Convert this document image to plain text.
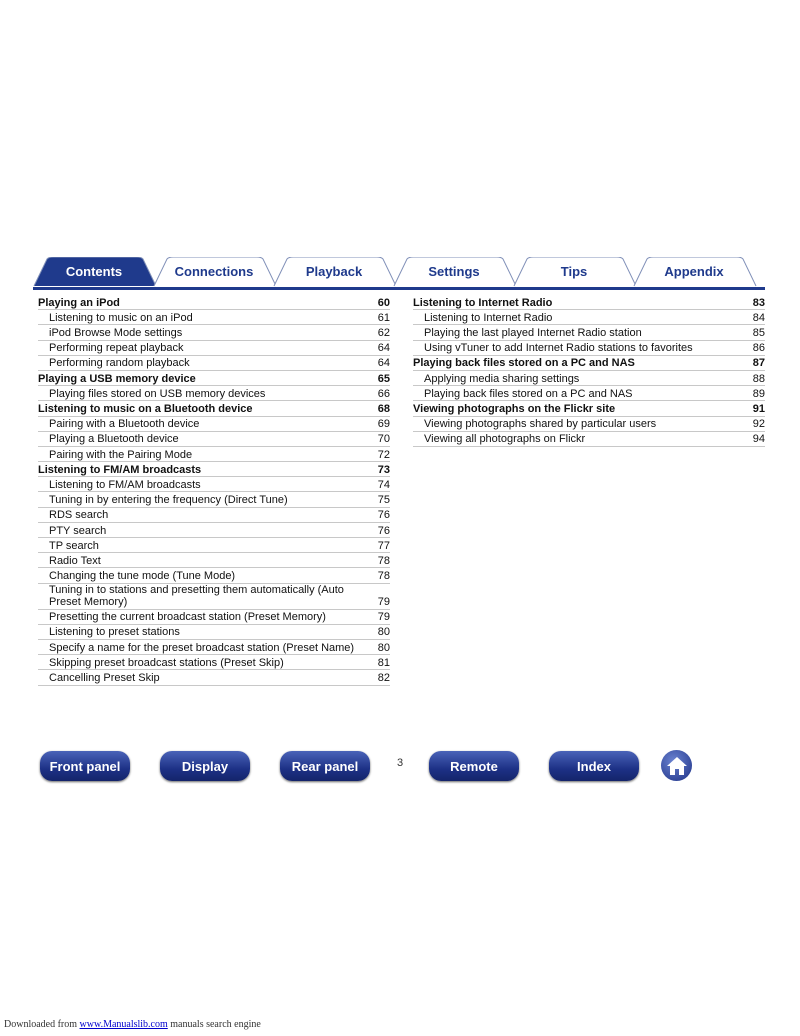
Contents	Connections	Playback	Settings	Tips	Appendix
Playing an iPod	60
Listening to music on an iPod	61
iPod Browse Mode settings	62
Performing repeat playback	64
Performing random playback	64
Playing a USB memory device	65
Playing files stored on USB memory devices	66
Listening to music on a Bluetooth device	68
Pairing with a Bluetooth device	69
Playing a Bluetooth device	70
Pairing with the Pairing Mode	72
Listening to FM/AM broadcasts	73
Listening to FM/AM broadcasts	74
Tuning in by entering the frequency (Direct Tune)	75
RDS search	76
PTY search	76
TP search	77
Radio Text	78
Changing the tune mode (Tune Mode)	78
Tuning in to stations and presetting them automatically (Auto Preset Memory)	79
Presetting the current broadcast station (Preset Memory)	79
Listening to preset stations	80
Specify a name for the preset broadcast station (Preset Name)	80
Skipping preset broadcast stations (Preset Skip)	81
Cancelling Preset Skip	82
Listening to Internet Radio	83
Listening to Internet Radio	84
Playing the last played Internet Radio station	85
Using vTuner to add Internet Radio stations to favorites	86
Playing back files stored on a PC and NAS	87
Applying media sharing settings	88
Playing back files stored on a PC and NAS	89
Viewing photographs on the Flickr site	91
Viewing photographs shared by particular users	92
Viewing all photographs on Flickr	94
Front panel	Display	Rear panel	3	Remote	Index
Downloaded from www.Manualslib.com manuals search engine
